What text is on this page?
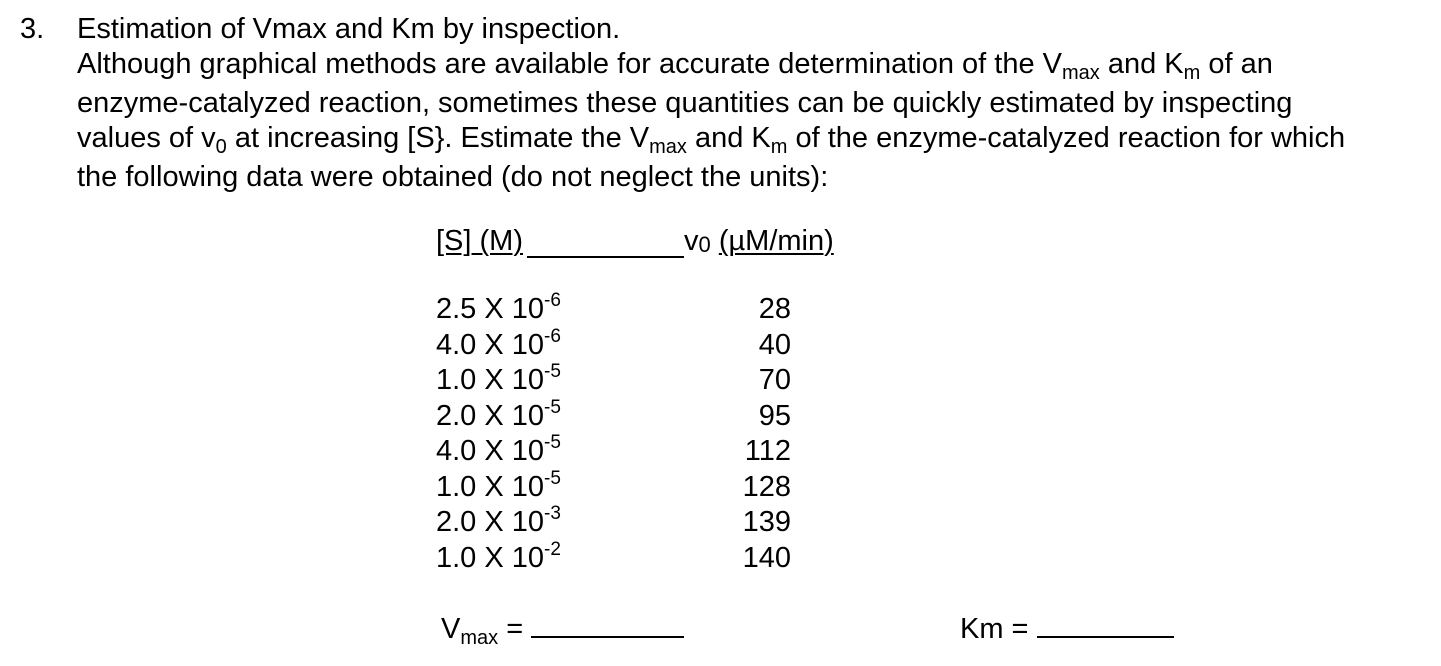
3. Estimation of Vmax and Km by inspection.
Although graphical methods are available for accurate determination of the $V_{max}$ and $K_m$ of an
enzyme-catalyzed reaction, sometimes these quantities can be quickly estimated by inspecting
values of $v_0$ at increasing [S}. Estimate the $V_{max}$ and $K_m$ of the enzyme-catalyzed reaction for which
the following data were obtained (do not neglect the units):
[S] (M)	v0 (µM/min)
2.5 X $10^{-6}$	28
4.0 X $10^{-6}$	40
1.0 X $10^{-5}$	70
2.0 X $10^{-5}$	95
4.0 X $10^{-5}$	112
1.0 X $10^{-5}$	128
2.0 X $10^{-3}$	139
1.0 X $10^{-2}$	140
$V_{max}$ =	Km =
